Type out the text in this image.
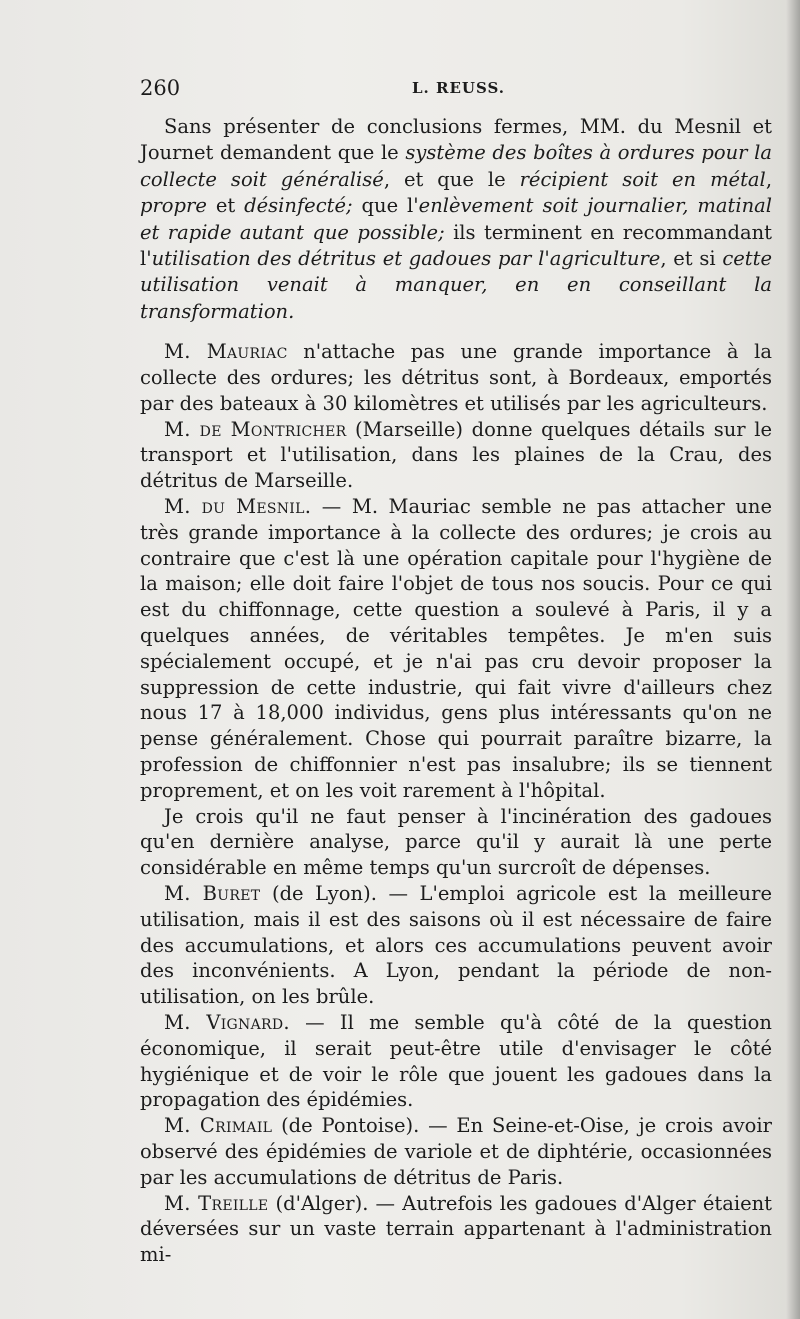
260	L. REUSS.

Sans présenter de conclusions fermes, MM. du Mesnil et Journet demandent que le système des boîtes à ordures pour la collecte soit généralisé, et que le récipient soit en métal, propre et désinfecté; que l'enlèvement soit journalier, matinal et rapide autant que possible; ils terminent en recommandant l'utilisation des détritus et gadoues par l'agriculture, et si cette utilisation venait à manquer, en en conseillant la transformation.

M. Mauriac n'attache pas une grande importance à la collecte des ordures; les détritus sont, à Bordeaux, emportés par des bateaux à 30 kilomètres et utilisés par les agriculteurs.

M. de Montricher (Marseille) donne quelques détails sur le transport et l'utilisation, dans les plaines de la Crau, des détritus de Marseille.

M. du Mesnil. — M. Mauriac semble ne pas attacher une très grande importance à la collecte des ordures; je crois au contraire que c'est là une opération capitale pour l'hygiène de la maison; elle doit faire l'objet de tous nos soucis. Pour ce qui est du chiffonnage, cette question a soulevé à Paris, il y a quelques années, de véritables tempêtes. Je m'en suis spécialement occupé, et je n'ai pas cru devoir proposer la suppression de cette industrie, qui fait vivre d'ailleurs chez nous 17 à 18,000 individus, gens plus intéressants qu'on ne pense généralement. Chose qui pourrait paraître bizarre, la profession de chiffonnier n'est pas insalubre; ils se tiennent proprement, et on les voit rarement à l'hôpital.

Je crois qu'il ne faut penser à l'incinération des gadoues qu'en dernière analyse, parce qu'il y aurait là une perte considérable en même temps qu'un surcroît de dépenses.

M. Buret (de Lyon). — L'emploi agricole est la meilleure utilisation, mais il est des saisons où il est nécessaire de faire des accumulations, et alors ces accumulations peuvent avoir des inconvénients. A Lyon, pendant la période de non-utilisation, on les brûle.

M. Vignard. — Il me semble qu'à côté de la question économique, il serait peut-être utile d'envisager le côté hygiénique et de voir le rôle que jouent les gadoues dans la propagation des épidémies.

M. Crimail (de Pontoise). — En Seine-et-Oise, je crois avoir observé des épidémies de variole et de diphtérie, occasionnées par les accumulations de détritus de Paris.

M. Treille (d'Alger). — Autrefois les gadoues d'Alger étaient déversées sur un vaste terrain appartenant à l'administration mi-
